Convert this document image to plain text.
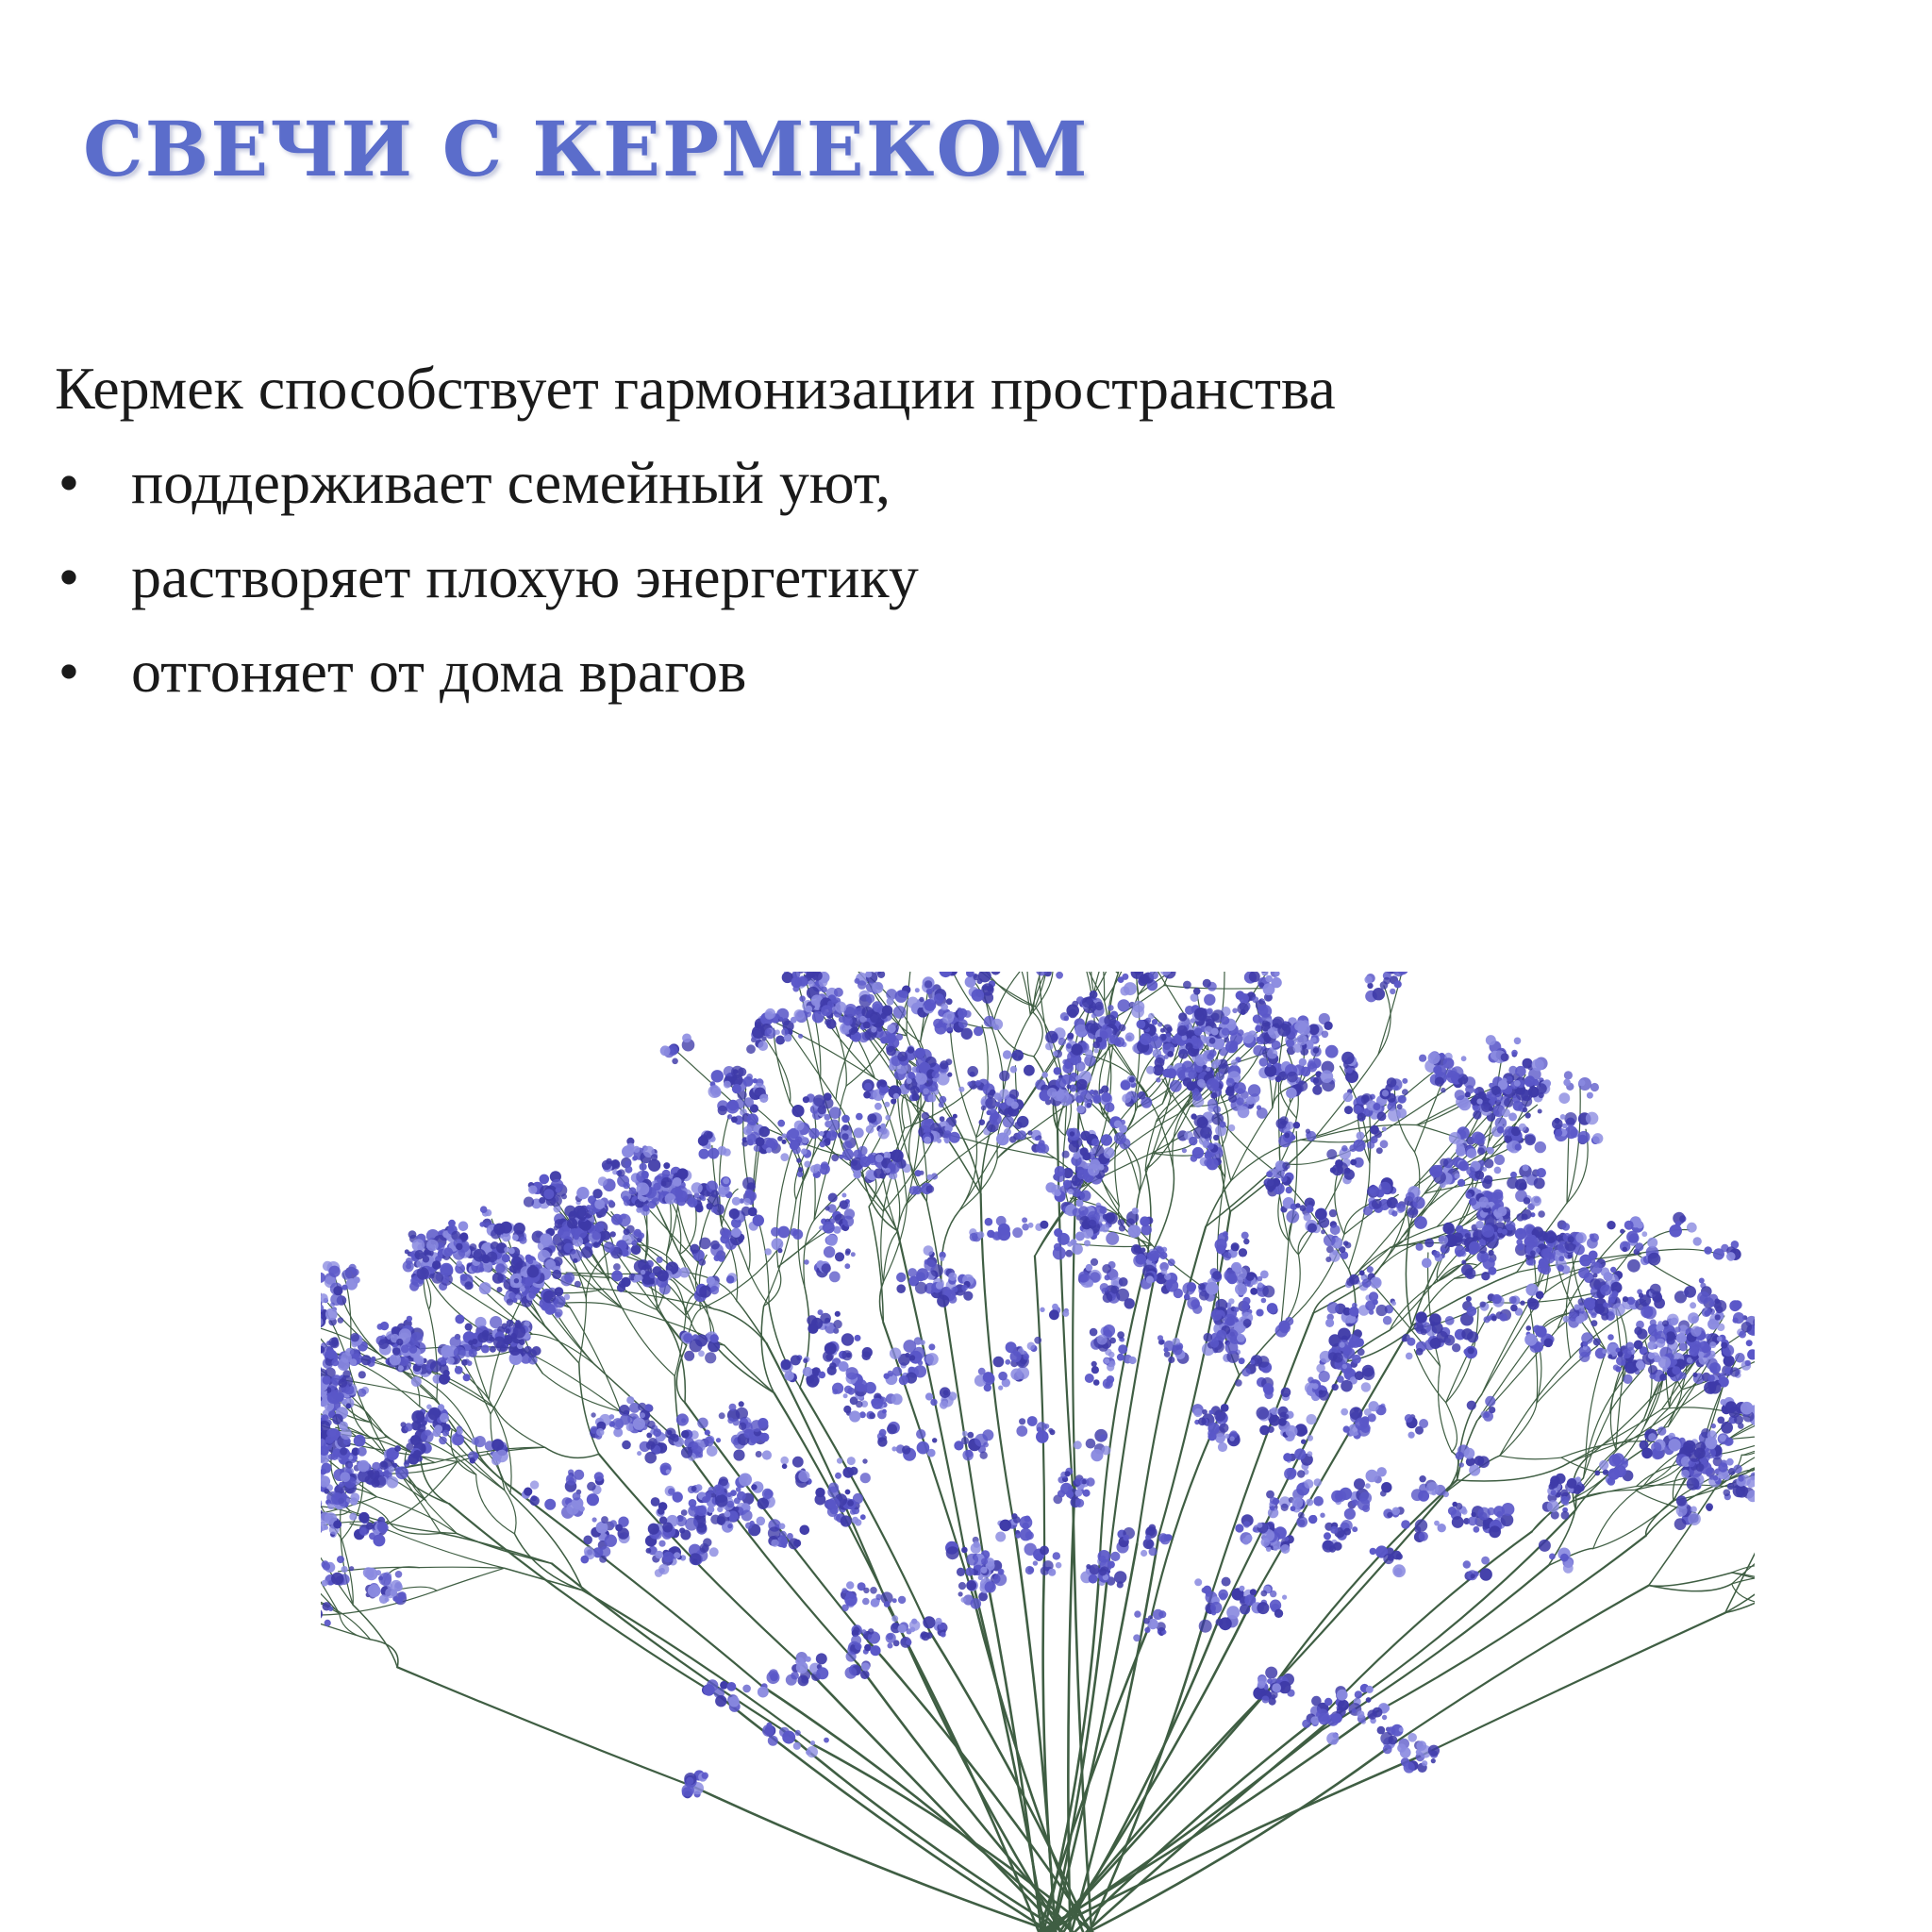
СВЕЧИ С КЕРМЕКОМ
Кермек способствует гармонизации пространства
• поддерживает семейный уют,
• растворяет плохую энергетику
• отгоняет от дома врагов
